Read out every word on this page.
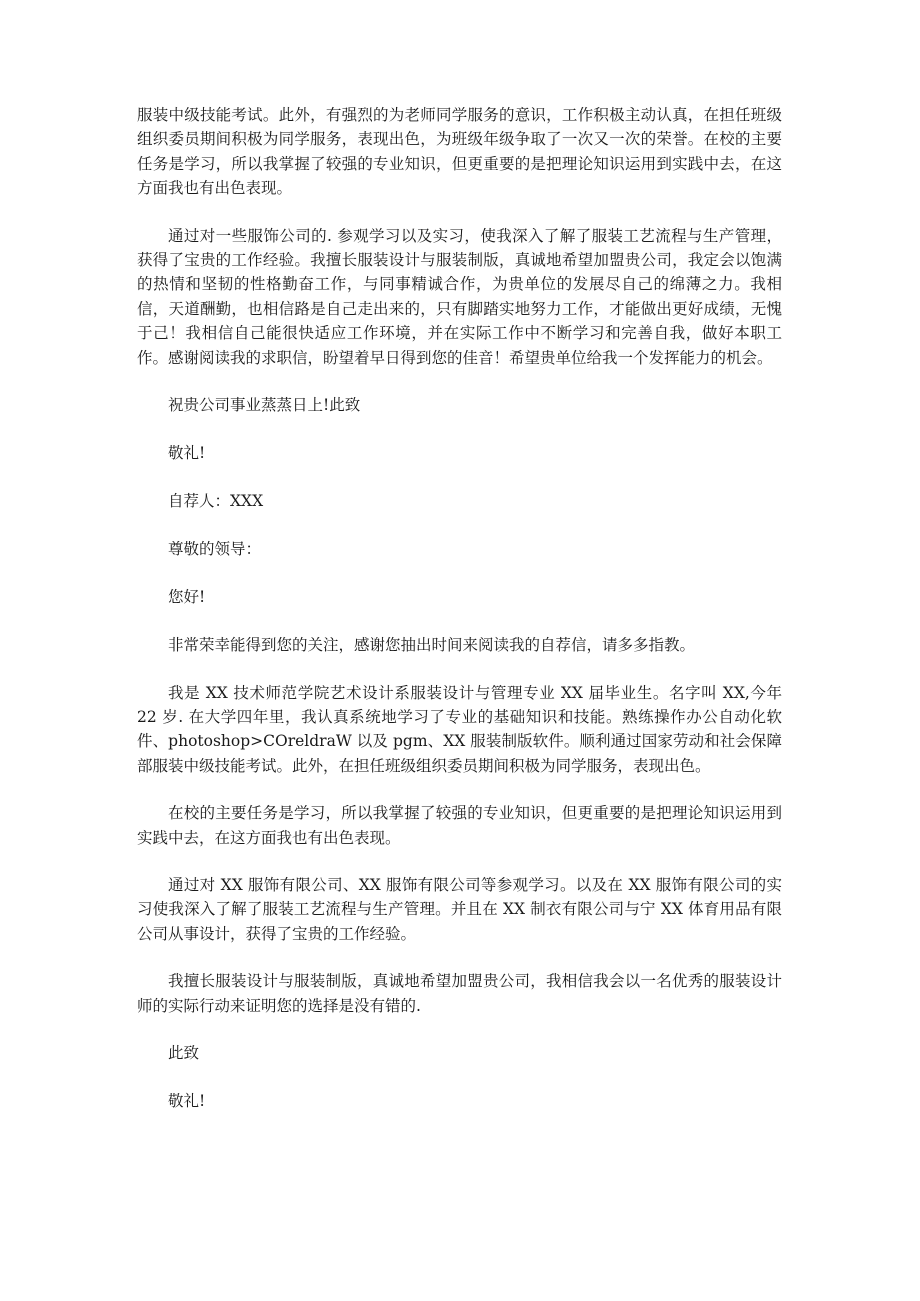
服装中级技能考试。此外，有强烈的为老师同学服务的意识，工作积极主动认真，在担任班级组织委员期间积极为同学服务，表现出色，为班级年级争取了一次又一次的荣誉。在校的主要任务是学习，所以我掌握了较强的专业知识，但更重要的是把理论知识运用到实践中去，在这方面我也有出色表现。

通过对一些服饰公司的. 参观学习以及实习，使我深入了解了服装工艺流程与生产管理，获得了宝贵的工作经验。我擅长服装设计与服装制版，真诚地希望加盟贵公司，我定会以饱满的热情和坚韧的性格勤奋工作，与同事精诚合作，为贵单位的发展尽自己的绵薄之力。我相信，天道酬勤，也相信路是自己走出来的，只有脚踏实地努力工作，才能做出更好成绩，无愧于己！我相信自己能很快适应工作环境，并在实际工作中不断学习和完善自我，做好本职工作。感谢阅读我的求职信，盼望着早日得到您的佳音！希望贵单位给我一个发挥能力的机会。

祝贵公司事业蒸蒸日上!此致

敬礼!

自荐人：XXX

尊敬的领导：

您好!

非常荣幸能得到您的关注，感谢您抽出时间来阅读我的自荐信，请多多指教。

我是 XX 技术师范学院艺术设计系服装设计与管理专业 XX 届毕业生。名字叫 XX,今年 22 岁. 在大学四年里，我认真系统地学习了专业的基础知识和技能。熟练操作办公自动化软件、photoshop>COreldraW 以及 pgm、XX 服装制版软件。顺利通过国家劳动和社会保障部服装中级技能考试。此外，在担任班级组织委员期间积极为同学服务，表现出色。

在校的主要任务是学习，所以我掌握了较强的专业知识，但更重要的是把理论知识运用到实践中去，在这方面我也有出色表现。

通过对 XX 服饰有限公司、XX 服饰有限公司等参观学习。以及在 XX 服饰有限公司的实习使我深入了解了服装工艺流程与生产管理。并且在 XX 制衣有限公司与宁 XX 体育用品有限公司从事设计，获得了宝贵的工作经验。

我擅长服装设计与服装制版，真诚地希望加盟贵公司，我相信我会以一名优秀的服装设计师的实际行动来证明您的选择是没有错的.

此致

敬礼!
